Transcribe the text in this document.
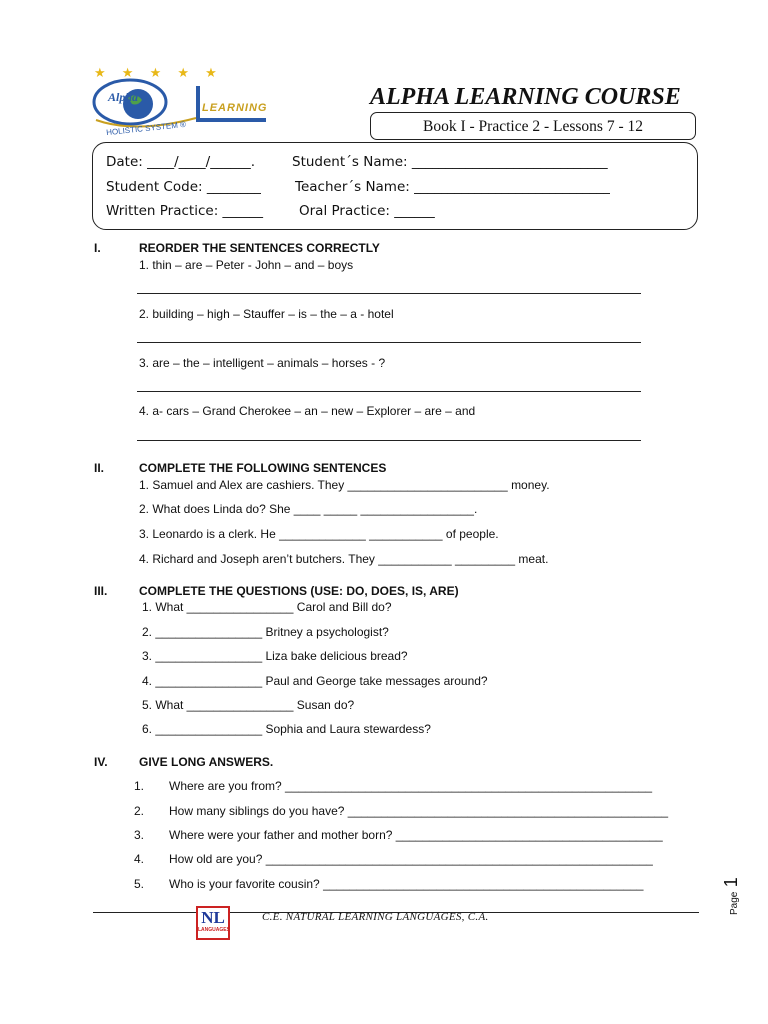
★ ★ ★ ★ ★
Alpha
LEARNING
HOLISTIC SYSTEM ®
ALPHA LEARNING COURSE
Book I - Practice 2 - Lessons 7 - 12
Date: ____/____/______.	Student´s Name: _____________________________
Student Code: ________	Teacher´s Name: _____________________________
Written Practice: ______	Oral Practice: ______
I.	REORDER THE SENTENCES CORRECTLY
1. thin – are – Peter - John – and – boys
2. building – high – Stauffer – is – the – a - hotel
3. are – the – intelligent – animals – horses - ?
4. a- cars – Grand Cherokee – an – new – Explorer – are – and
II.	COMPLETE THE FOLLOWING SENTENCES
1. Samuel and Alex are cashiers. They ________________________ money.
2. What does Linda do? She ____ _____ _________________.
3. Leonardo is a clerk. He _____________ ___________ of people.
4. Richard and Joseph aren’t butchers. They ___________ _________ meat.
III.	COMPLETE THE QUESTIONS (USE: DO, DOES, IS, ARE)
1. What ________________ Carol and Bill do?
2. ________________ Britney a psychologist?
3. ________________ Liza bake delicious bread?
4. ________________ Paul and George take messages around?
5. What ________________ Susan do?
6. ________________ Sophia and Laura stewardess?
IV.	GIVE LONG ANSWERS.
1. Where are you from? _______________________________________________________
2. How many siblings do you have? ________________________________________________
3. Where were your father and mother born? ________________________________________
4. How old are you? __________________________________________________________
5. Who is your favorite cousin? ________________________________________________
NL
LANGUAGES
C.E. NATURAL LEARNING LANGUAGES, C.A.
Page 1
